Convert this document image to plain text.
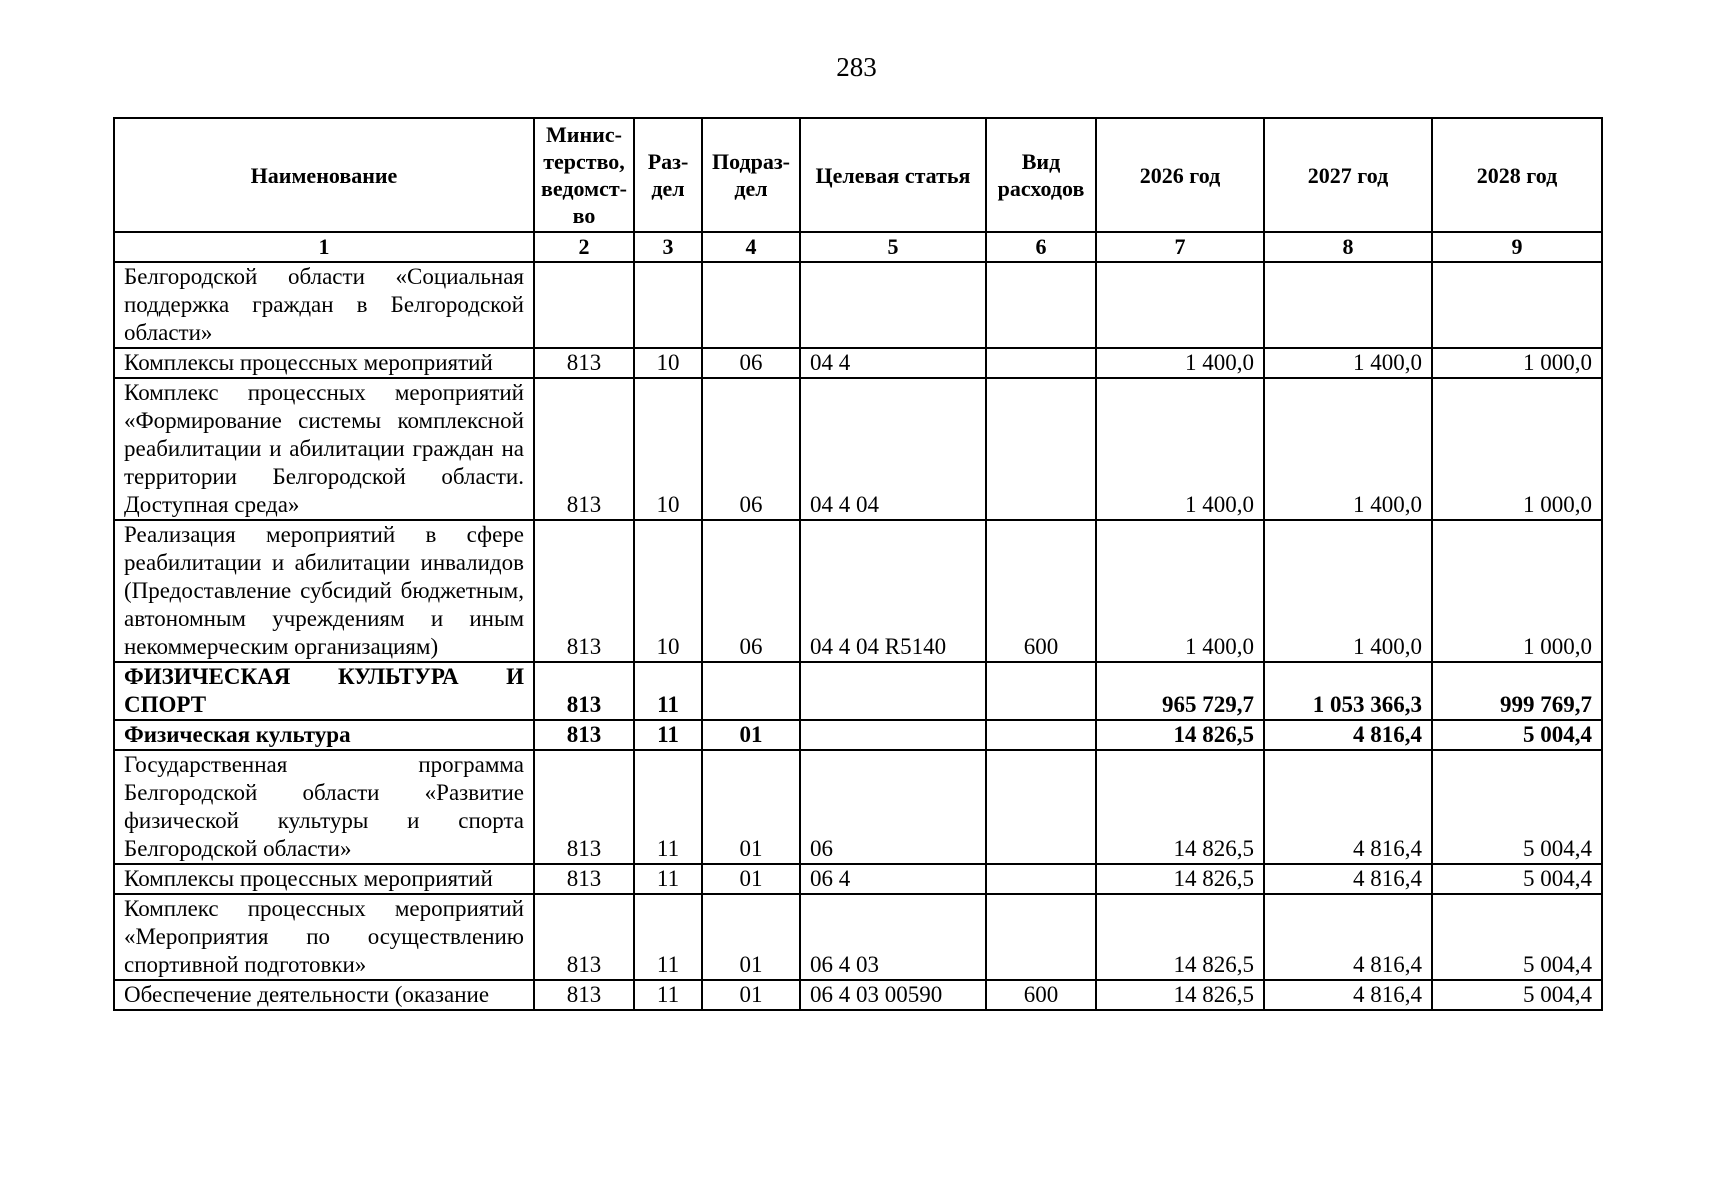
283
Наименование	Минис-терство, ведомст-во	Раз-дел	Подраз-дел	Целевая статья	Вид расходов	2026 год	2027 год	2028 год
1	2	3	4	5	6	7	8	9
Белгородской области «Социальная поддержка граждан в Белгородской области»								
Комплексы процессных мероприятий	813	10	06	04 4		1 400,0	1 400,0	1 000,0
Комплекс процессных мероприятий «Формирование системы комплексной реабилитации и абилитации граждан на территории Белгородской области. Доступная среда»	813	10	06	04 4 04		1 400,0	1 400,0	1 000,0
Реализация мероприятий в сфере реабилитации и абилитации инвалидов (Предоставление субсидий бюджетным, автономным учреждениям и иным некоммерческим организациям)	813	10	06	04 4 04 R5140	600	1 400,0	1 400,0	1 000,0
ФИЗИЧЕСКАЯ КУЛЬТУРА И СПОРТ	813	11				965 729,7	1 053 366,3	999 769,7
Физическая культура	813	11	01			14 826,5	4 816,4	5 004,4
Государственная программа Белгородской области «Развитие физической культуры и спорта Белгородской области»	813	11	01	06		14 826,5	4 816,4	5 004,4
Комплексы процессных мероприятий	813	11	01	06 4		14 826,5	4 816,4	5 004,4
Комплекс процессных мероприятий «Мероприятия по осуществлению спортивной подготовки»	813	11	01	06 4 03		14 826,5	4 816,4	5 004,4
Обеспечение деятельности (оказание	813	11	01	06 4 03 00590	600	14 826,5	4 816,4	5 004,4
